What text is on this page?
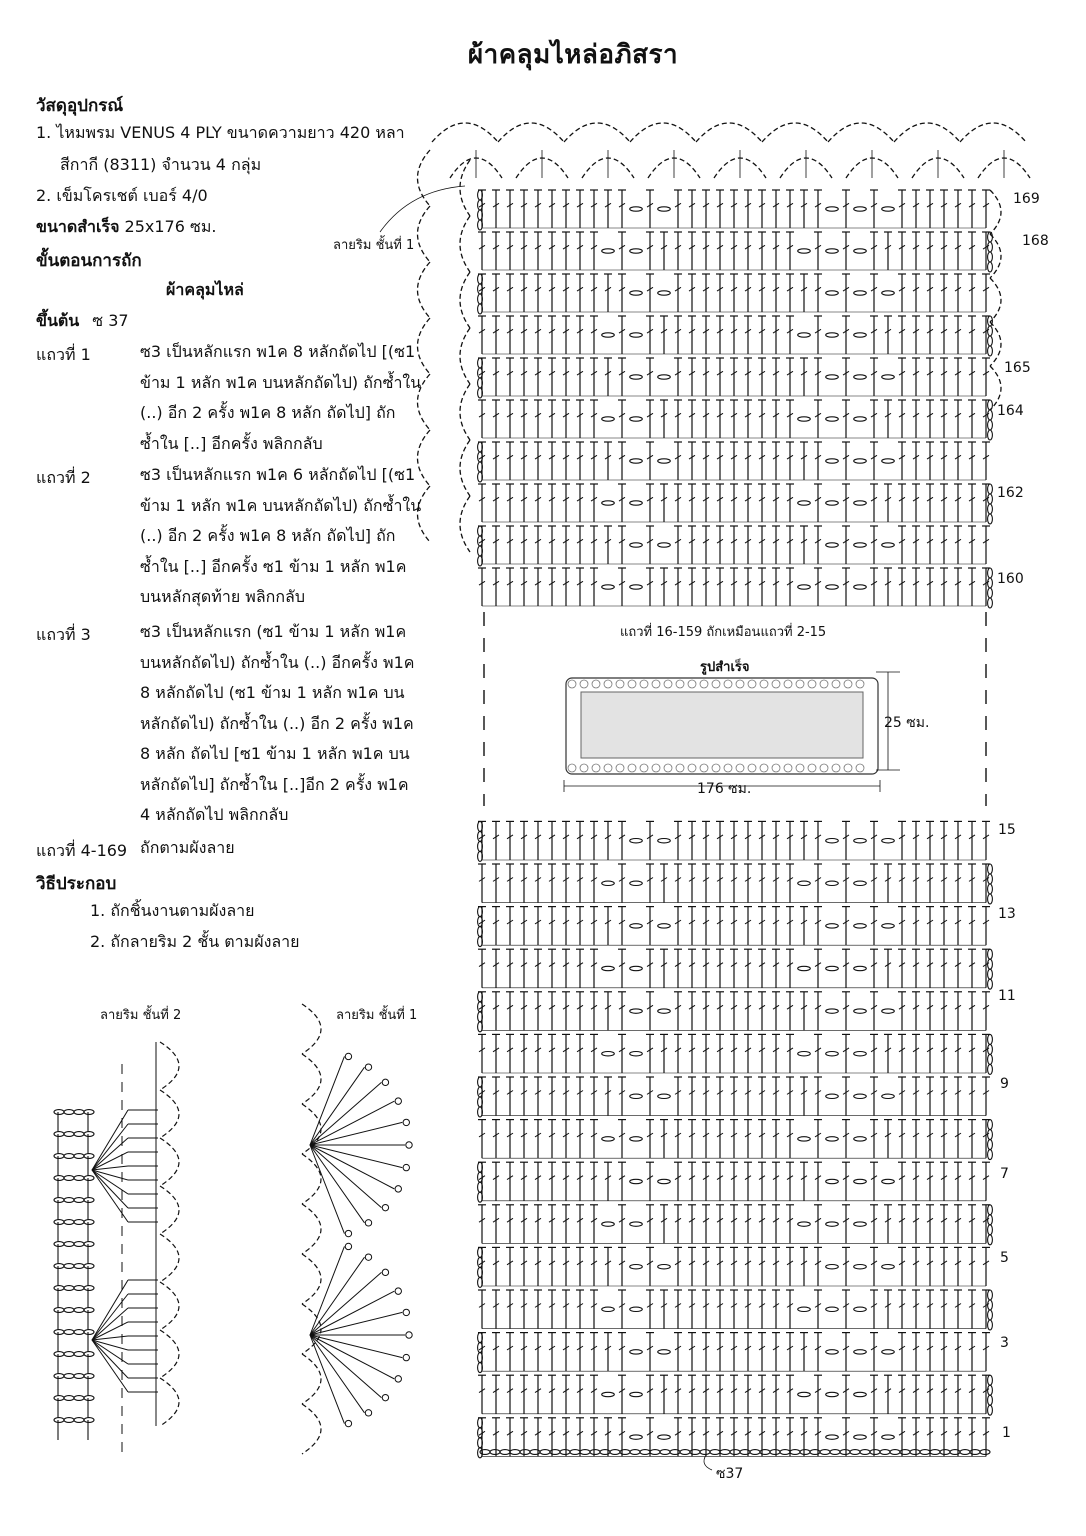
ผ้าคลุมไหล่อภิสรา
วัสดุอุปกรณ์
1. ไหมพรม VENUS 4 PLY ขนาดความยาว 420 หลา
สีกากี (8311) จำนวน 4 กลุ่ม
2. เข็มโครเชต์ เบอร์ 4/0
ขนาดสำเร็จ 25x176 ซม.
ขั้นตอนการถัก
ผ้าคลุมไหล่
ขึ้นต้น ซ 37
แถวที่ 1	ซ3 เป็นหลักแรก พ1ค 8 หลักถัดไป [(ซ1
ข้าม 1 หลัก พ1ค บนหลักถัดไป) ถักซ้ำใน
(..) อีก 2 ครั้ง พ1ค 8 หลัก ถัดไป] ถัก
ซ้ำใน [..] อีกครั้ง พลิกกลับ
แถวที่ 2	ซ3 เป็นหลักแรก พ1ค 6 หลักถัดไป [(ซ1
ข้าม 1 หลัก พ1ค บนหลักถัดไป) ถักซ้ำใน
(..) อีก 2 ครั้ง พ1ค 8 หลัก ถัดไป] ถัก
ซ้ำใน [..] อีกครั้ง ซ1 ข้าม 1 หลัก พ1ค
บนหลักสุดท้าย พลิกกลับ
แถวที่ 3	ซ3 เป็นหลักแรก (ซ1 ข้าม 1 หลัก พ1ค
บนหลักถัดไป) ถักซ้ำใน (..) อีกครั้ง พ1ค
8 หลักถัดไป (ซ1 ข้าม 1 หลัก พ1ค บน
หลักถัดไป) ถักซ้ำใน (..) อีก 2 ครั้ง พ1ค
8 หลัก ถัดไป [ซ1 ข้าม 1 หลัก พ1ค บน
หลักถัดไป] ถักซ้ำใน [..]อีก 2 ครั้ง พ1ค
4 หลักถัดไป พลิกกลับ
แถวที่ 4-169 ถักตามผังลาย
วิธีประกอบ
1. ถักชิ้นงานตามผังลาย
2. ถักลายริม 2 ชั้น ตามผังลาย
ลายริม ชั้นที่ 1
ลายริม ชั้นที่ 2	ลายริม ชั้นที่ 1
169
168
165
164
162
160
15
13
11
9
7
5
3
1
แถวที่ 16-159 ถักเหมือนแถวที่ 2-15
รูปสำเร็จ
25 ซม.
176 ซม.
ซ37
